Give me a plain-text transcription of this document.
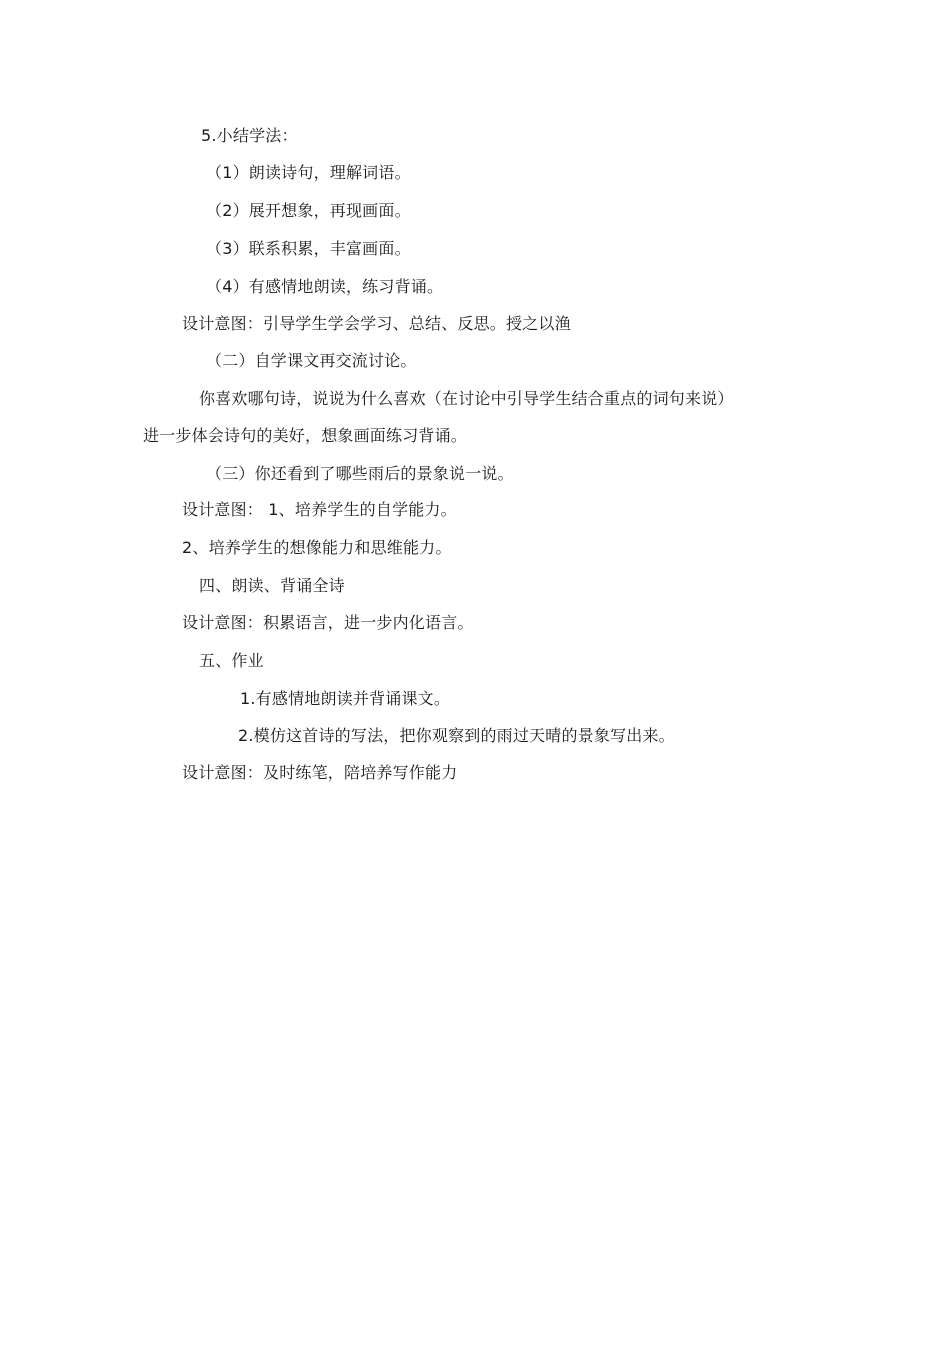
5.小结学法：
（1）朗读诗句，理解词语。
（2）展开想象，再现画面。
（3）联系积累，丰富画面。
（4）有感情地朗读，练习背诵。
设计意图：引导学生学会学习、总结、反思。授之以渔
（二）自学课文再交流讨论。
你喜欢哪句诗，说说为什么喜欢（在讨论中引导学生结合重点的词句来说）
进一步体会诗句的美好，想象画面练习背诵。
（三）你还看到了哪些雨后的景象说一说。
设计意图： 1、培养学生的自学能力。
2、培养学生的想像能力和思维能力。
四、朗读、背诵全诗
设计意图：积累语言，进一步内化语言。
五、作业
1.有感情地朗读并背诵课文。
2.模仿这首诗的写法，把你观察到的雨过天晴的景象写出来。
设计意图：及时练笔，陪培养写作能力
